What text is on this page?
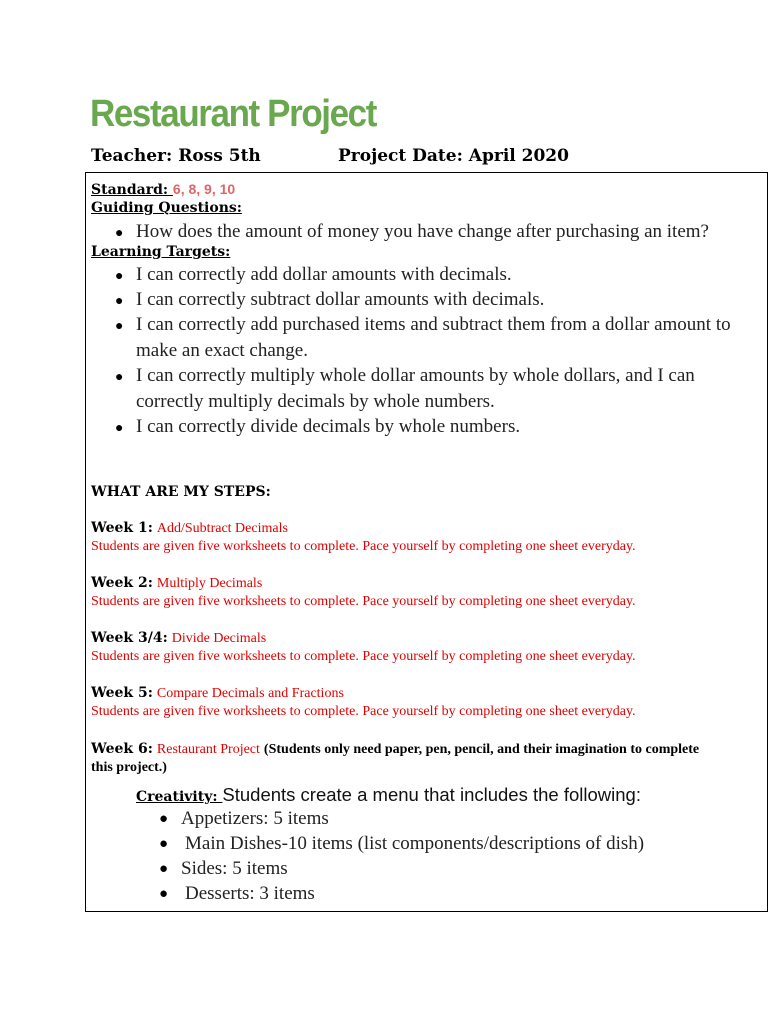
Restaurant Project
Teacher: Ross 5th	Project Date: April 2020
Standard: 6, 8, 9, 10
Guiding Questions:
● How does the amount of money you have change after purchasing an item?
Learning Targets:
● I can correctly add dollar amounts with decimals.
● I can correctly subtract dollar amounts with decimals.
● I can correctly add purchased items and subtract them from a dollar amount to
make an exact change.
● I can correctly multiply whole dollar amounts by whole dollars, and I can
correctly multiply decimals by whole numbers.
● I can correctly divide decimals by whole numbers.
WHAT ARE MY STEPS:
Week 1: Add/Subtract Decimals
Students are given five worksheets to complete. Pace yourself by completing one sheet everyday.
Week 2: Multiply Decimals
Students are given five worksheets to complete. Pace yourself by completing one sheet everyday.
Week 3/4: Divide Decimals
Students are given five worksheets to complete. Pace yourself by completing one sheet everyday.
Week 5: Compare Decimals and Fractions
Students are given five worksheets to complete. Pace yourself by completing one sheet everyday.
Week 6: Restaurant Project (Students only need paper, pen, pencil, and their imagination to complete
this project.)
Creativity: Students create a menu that includes the following:
● Appetizers: 5 items
● Main Dishes-10 items (list components/descriptions of dish)
● Sides: 5 items
● Desserts: 3 items
